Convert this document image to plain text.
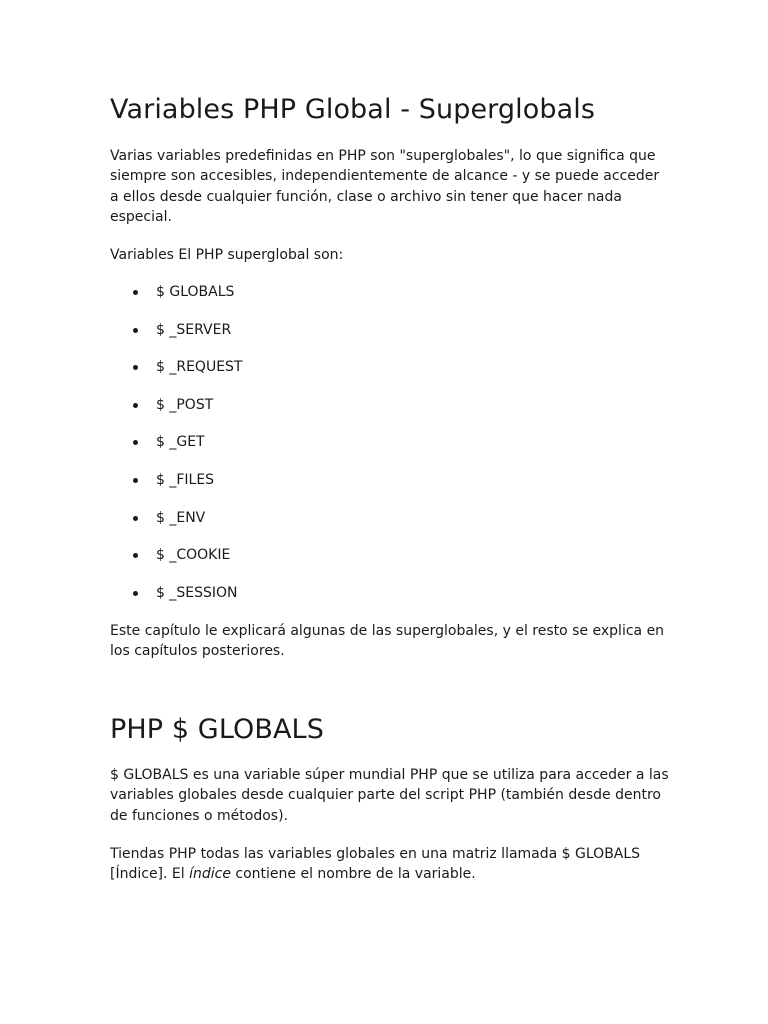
Variables PHP Global - Superglobals

Varias variables predefinidas en PHP son "superglobales", lo que significa que siempre son accesibles, independientemente de alcance - y se puede acceder a ellos desde cualquier función, clase o archivo sin tener que hacer nada especial.

Variables El PHP superglobal son:

$ GLOBALS
$ _SERVER
$ _REQUEST
$ _POST
$ _GET
$ _FILES
$ _ENV
$ _COOKIE
$ _SESSION

Este capítulo le explicará algunas de las superglobales, y el resto se explica en los capítulos posteriores.

PHP $ GLOBALS

$ GLOBALS es una variable súper mundial PHP que se utiliza para acceder a las variables globales desde cualquier parte del script PHP (también desde dentro de funciones o métodos).

Tiendas PHP todas las variables globales en una matriz llamada $ GLOBALS [Índice]. El índice contiene el nombre de la variable.
